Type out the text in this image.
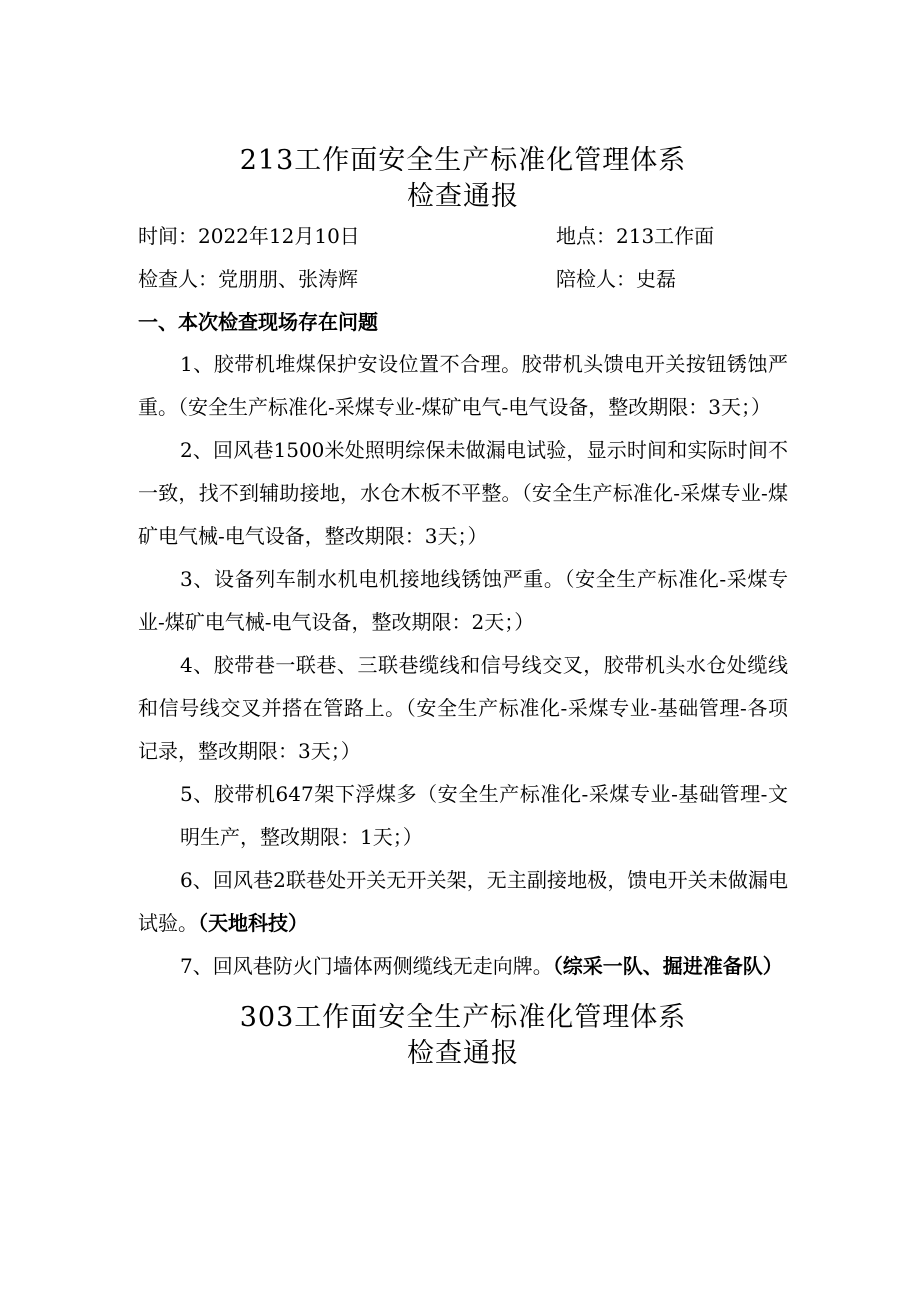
213工作面安全生产标准化管理体系
检查通报
时间：2022年12月10日	地点：213工作面
检查人：党朋朋、张涛辉	陪检人：史磊
一、本次检查现场存在问题

1、胶带机堆煤保护安设位置不合理。胶带机头馈电开关按钮锈蚀严重。（安全生产标准化-采煤专业-煤矿电气-电气设备，整改期限：3天；）

2、回风巷1500米处照明综保未做漏电试验，显示时间和实际时间不一致，找不到辅助接地，水仓木板不平整。（安全生产标准化-采煤专业-煤矿电气械-电气设备，整改期限：3天；）

3、设备列车制水机电机接地线锈蚀严重。（安全生产标准化-采煤专业-煤矿电气械-电气设备，整改期限：2天；）

4、胶带巷一联巷、三联巷缆线和信号线交叉，胶带机头水仓处缆线和信号线交叉并搭在管路上。（安全生产标准化-采煤专业-基础管理-各项记录，整改期限：3天；）

5、胶带机647架下浮煤多（安全生产标准化-采煤专业-基础管理-文明生产，整改期限：1天；）

6、回风巷2联巷处开关无开关架，无主副接地极，馈电开关未做漏电试验。（天地科技）

7、回风巷防火门墙体两侧缆线无走向牌。（综采一队、掘进准备队）

303工作面安全生产标准化管理体系
检查通报
